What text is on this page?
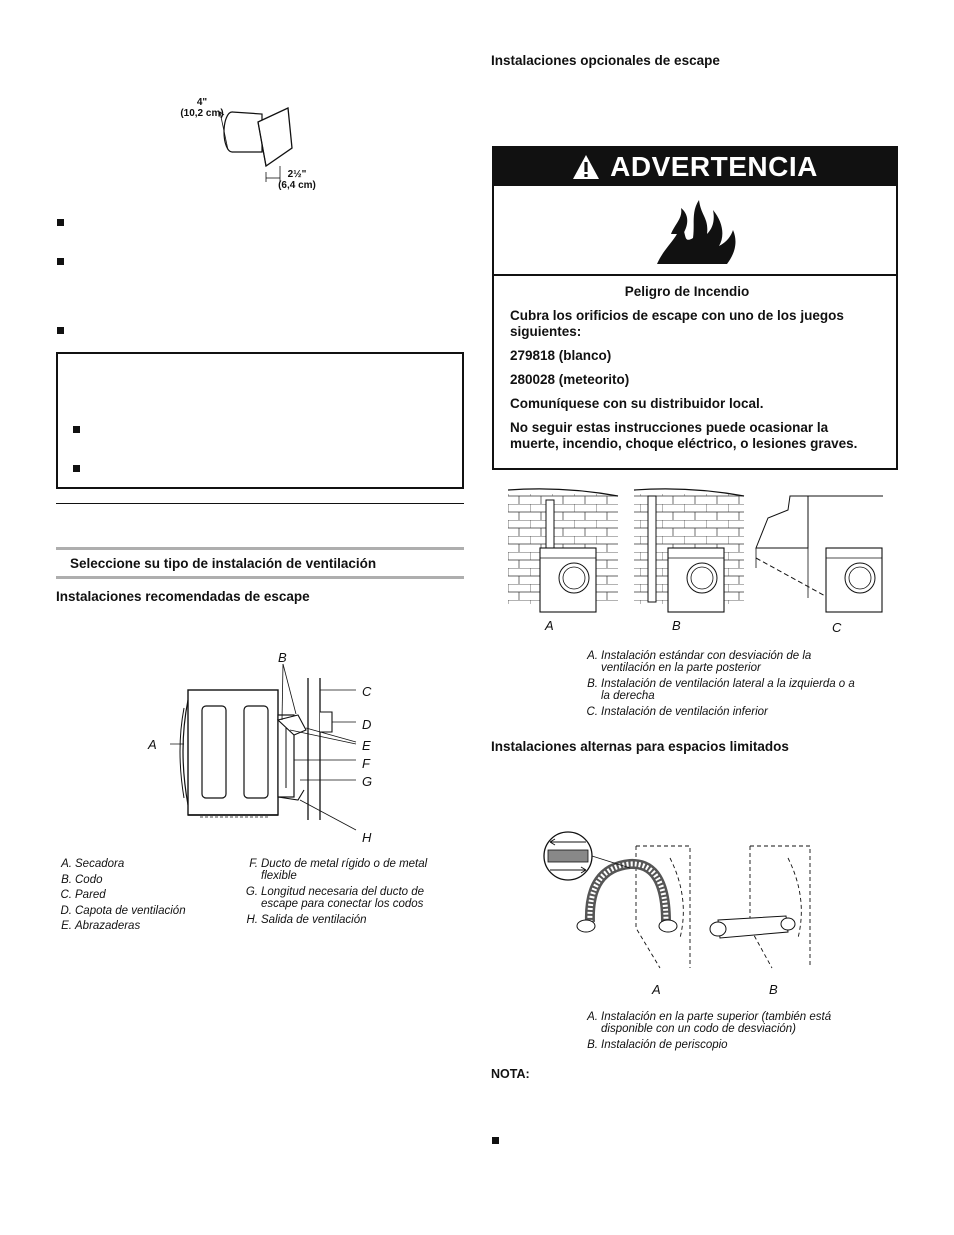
4"
(10,2 cm)
2½"
(6,4 cm)
Seleccione su tipo de instalación de ventilación
Instalaciones recomendadas de escape
B
C
D
A	E
F
G
H
A. Secadora
B. Codo
C. Pared
D. Capota de ventilación
E. Abrazaderas
F. Ducto de metal rígido o de metal flexible
G. Longitud necesaria del ducto de escape para conectar los codos
H. Salida de ventilación
Instalaciones opcionales de escape
ADVERTENCIA

Peligro de Incendio

Cubra los orificios de escape con uno de los juegos siguientes:

279818 (blanco)

280028 (meteorito)

Comuníquese con su distribuidor local.

No seguir estas instrucciones puede ocasionar la muerte, incendio, choque eléctrico, o lesiones graves.

A	B	C
A. Instalación estándar con desviación de la ventilación en la parte posterior
B. Instalación de ventilación lateral a la izquierda o a la derecha
C. Instalación de ventilación inferior
Instalaciones alternas para espacios limitados
A	B
A. Instalación en la parte superior (también está disponible con un codo de desviación)
B. Instalación de periscopio
NOTA:
